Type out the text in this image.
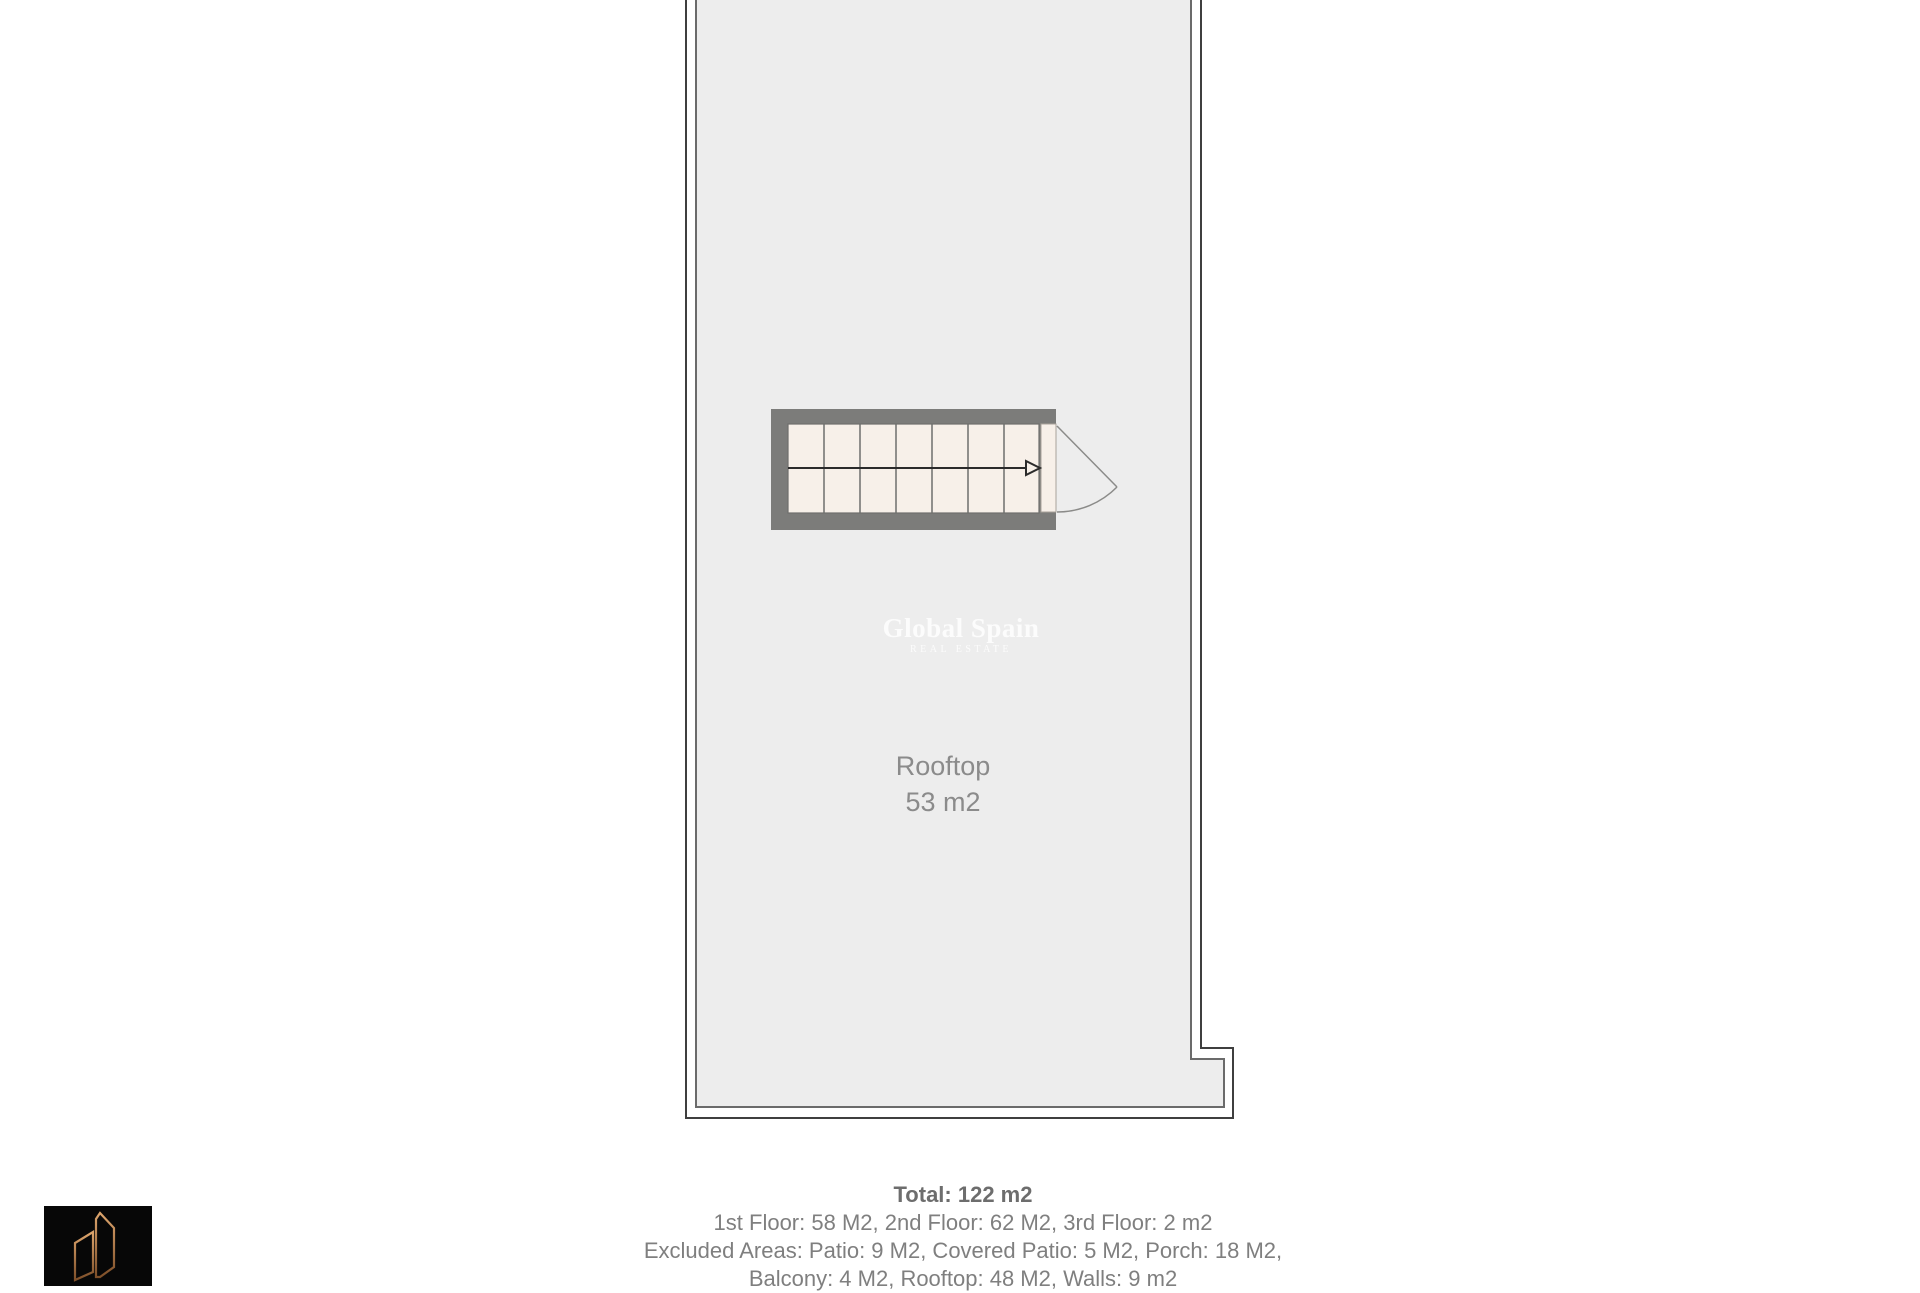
Global Spain
REAL ESTATE
Rooftop
53 m2
Total: 122 m2
1st Floor: 58 M2, 2nd Floor: 62 M2, 3rd Floor: 2 m2
Excluded Areas: Patio: 9 M2, Covered Patio: 5 M2, Porch: 18 M2,
Balcony: 4 M2, Rooftop: 48 M2, Walls: 9 m2
